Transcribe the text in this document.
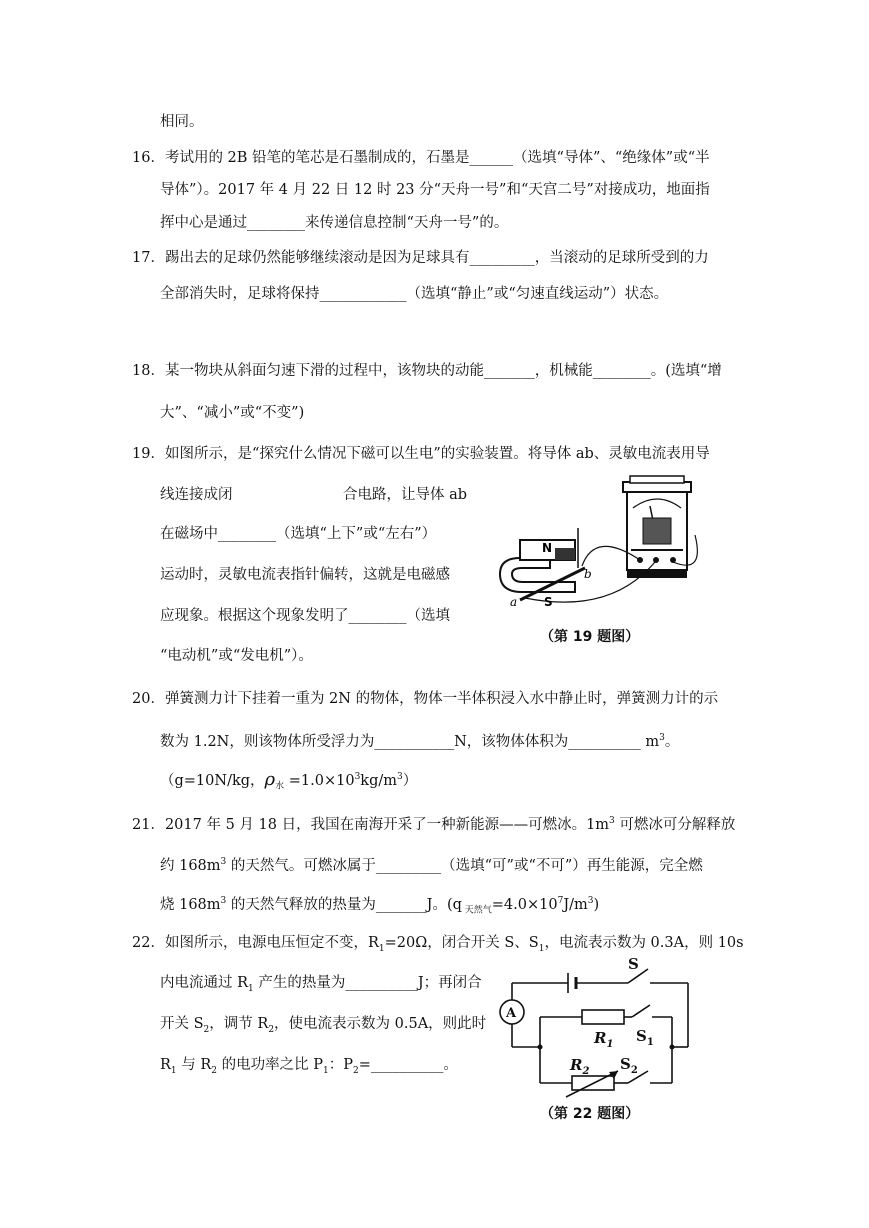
相同。
16．考试用的 2B 铅笔的笔芯是石墨制成的，石墨是______（选填“导体”、“绝缘体”或“半
导体”）。2017 年 4 月 22 日 12 时 23 分“天舟一号”和“天宫二号”对接成功，地面指
挥中心是通过________来传递信息控制“天舟一号”的。
17．踢出去的足球仍然能够继续滚动是因为足球具有_________，当滚动的足球所受到的力
全部消失时，足球将保持____________（选填“静止”或“匀速直线运动”）状态。
18．某一物块从斜面匀速下滑的过程中，该物块的动能_______，机械能________。(选填“增
大”、“减小”或“不变”)
19．如图所示，是“探究什么情况下磁可以生电”的实验装置。将导体 ab、灵敏电流表用导
线连接成闭	合电路，让导体 ab
在磁场中________（选填“上下”或“左右”）
运动时，灵敏电流表指针偏转，这就是电磁感
应现象。根据这个现象发明了________（选填
“电动机”或“发电机”）。
N
S
a
b
（第 19 题图）
20．弹簧测力计下挂着一重为 2N 的物体，物体一半体积浸入水中静止时，弹簧测力计的示
数为 1.2N，则该物体所受浮力为___________N，该物体体积为__________ $m^3$。
（g=10N/kg，$\rho_水 =1.0\times 10^3kg/m^3$）
21．2017 年 5 月 18 日，我国在南海开采了一种新能源——可燃冰。$1m^3$ 可燃冰可分解释放
约 $168m^3$ 的天然气。可燃冰属于_________（选填“可”或“不可”）再生能源，完全燃
烧 $168m^3$ 的天然气释放的热量为_______J。(q $_{天然气}=4.0\times 10^7J/m^3$)
22．如图所示，电源电压恒定不变，$R_1=20\Omega$，闭合开关 S、$S_1$，电流表示数为 0.3A，则 10s
内电流通过 $R_1$ 产生的热量为__________J；再闭合
开关 $S_2$，调节 $R_2$，使电流表示数为 0.5A，则此时
$R_1$ 与 $R_2$ 的电功率之比 $P_1$：$P_2=\_\_\_\_\_\_\_\_\_\_$。
A
S
$S_1$
$S_2$
$R_1$
$R_2$
（第 22 题图）
